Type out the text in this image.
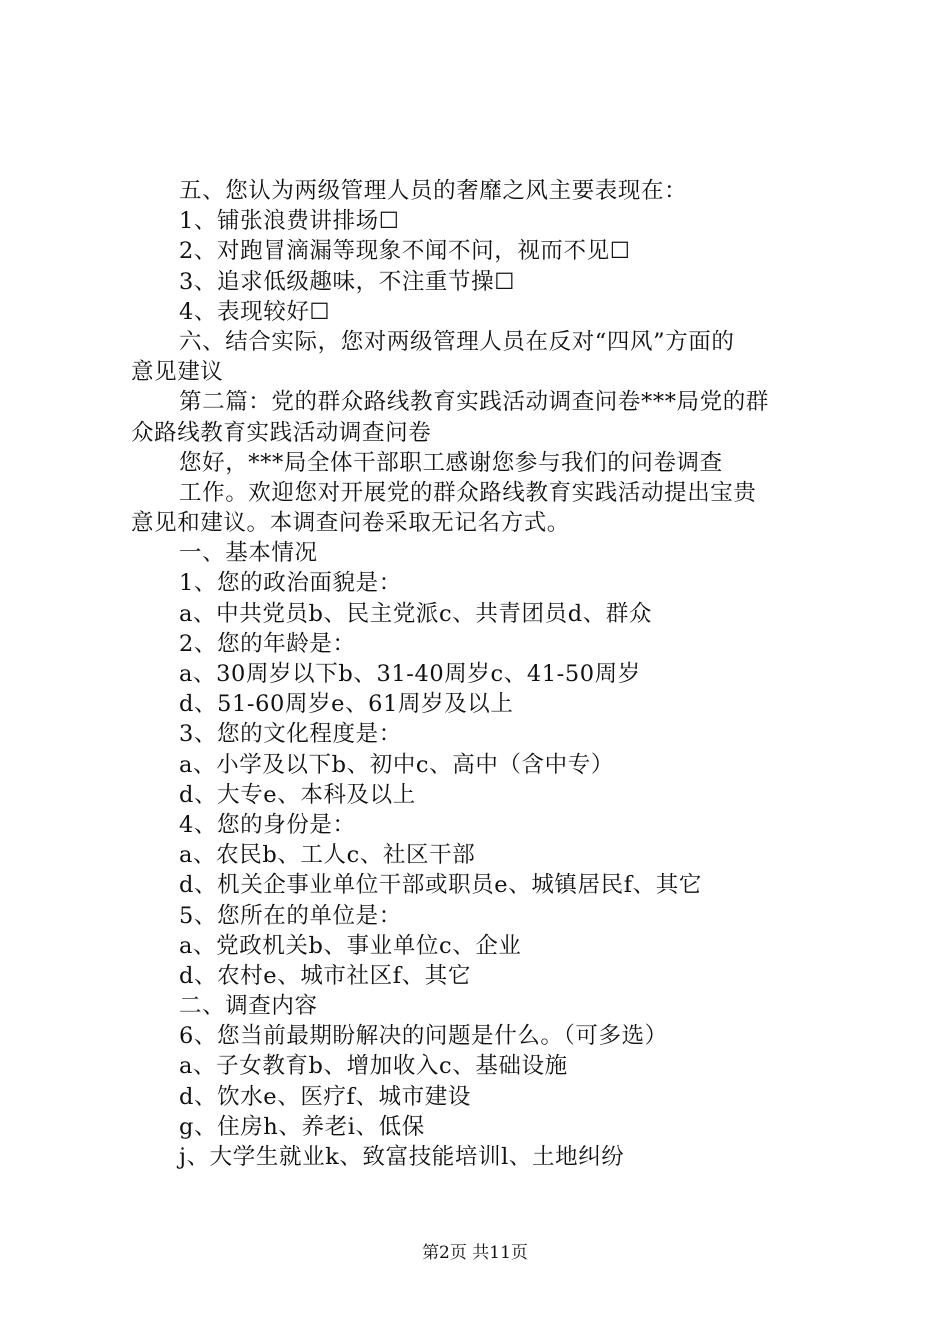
五、您认为两级管理人员的奢靡之风主要表现在：
1、铺张浪费讲排场☐
2、对跑冒滴漏等现象不闻不问，视而不见☐
3、追求低级趣味，不注重节操☐
4、表现较好☐
六、结合实际，您对两级管理人员在反对“四风”方面的
意见建议
第二篇：党的群众路线教育实践活动调查问卷***局党的群
众路线教育实践活动调查问卷
您好，***局全体干部职工感谢您参与我们的问卷调查
工作。欢迎您对开展党的群众路线教育实践活动提出宝贵
意见和建议。本调查问卷采取无记名方式。
一、基本情况
1、您的政治面貌是：
a、中共党员b、民主党派c、共青团员d、群众
2、您的年龄是：
a、30周岁以下b、31-40周岁c、41-50周岁
d、51-60周岁e、61周岁及以上
3、您的文化程度是：
a、小学及以下b、初中c、高中（含中专）
d、大专e、本科及以上
4、您的身份是：
a、农民b、工人c、社区干部
d、机关企事业单位干部或职员e、城镇居民f、其它
5、您所在的单位是：
a、党政机关b、事业单位c、企业
d、农村e、城市社区f、其它
二、调查内容
6、您当前最期盼解决的问题是什么。（可多选）
a、子女教育b、增加收入c、基础设施
d、饮水e、医疗f、城市建设
g、住房h、养老i、低保
j、大学生就业k、致富技能培训l、土地纠纷
第2页 共11页
